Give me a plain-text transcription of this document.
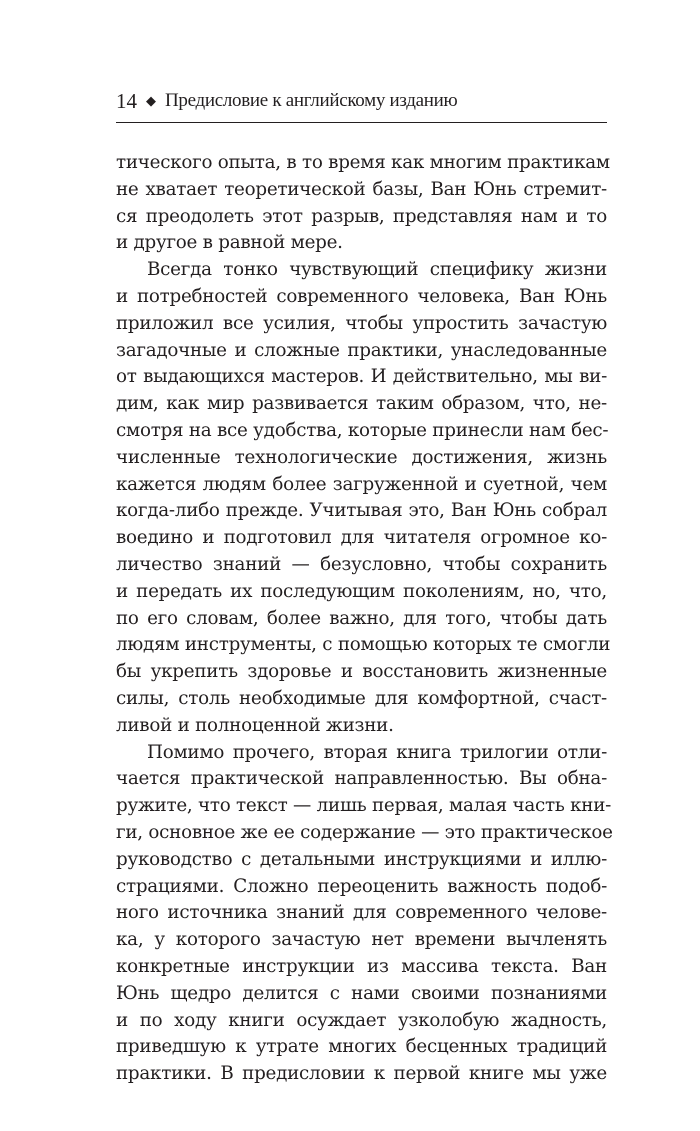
14 ◆ Предисловие к английскому изданию
тического опыта, в то время как многим практикам
не хватает теоретической базы, Ван Юнь стремит-
ся преодолеть этот разрыв, представляя нам и то
и другое в равной мере.
Всегда тонко чувствующий специфику жизни
и потребностей современного человека, Ван Юнь
приложил все усилия, чтобы упростить зачастую
загадочные и сложные практики, унаследованные
от выдающихся мастеров. И действительно, мы ви-
дим, как мир развивается таким образом, что, не-
смотря на все удобства, которые принесли нам бес-
численные технологические достижения, жизнь
кажется людям более загруженной и суетной, чем
когда-либо прежде. Учитывая это, Ван Юнь собрал
воедино и подготовил для читателя огромное ко-
личество знаний — безусловно, чтобы сохранить
и передать их последующим поколениям, но, что,
по его словам, более важно, для того, чтобы дать
людям инструменты, с помощью которых те смогли
бы укрепить здоровье и восстановить жизненные
силы, столь необходимые для комфортной, счаст-
ливой и полноценной жизни.
Помимо прочего, вторая книга трилогии отли-
чается практической направленностью. Вы обна-
ружите, что текст — лишь первая, малая часть кни-
ги, основное же ее содержание — это практическое
руководство с детальными инструкциями и иллю-
страциями. Сложно переоценить важность подоб-
ного источника знаний для современного челове-
ка, у которого зачастую нет времени вычленять
конкретные инструкции из массива текста. Ван
Юнь щедро делится с нами своими познаниями
и по ходу книги осуждает узколобую жадность,
приведшую к утрате многих бесценных традиций
практики. В предисловии к первой книге мы уже
